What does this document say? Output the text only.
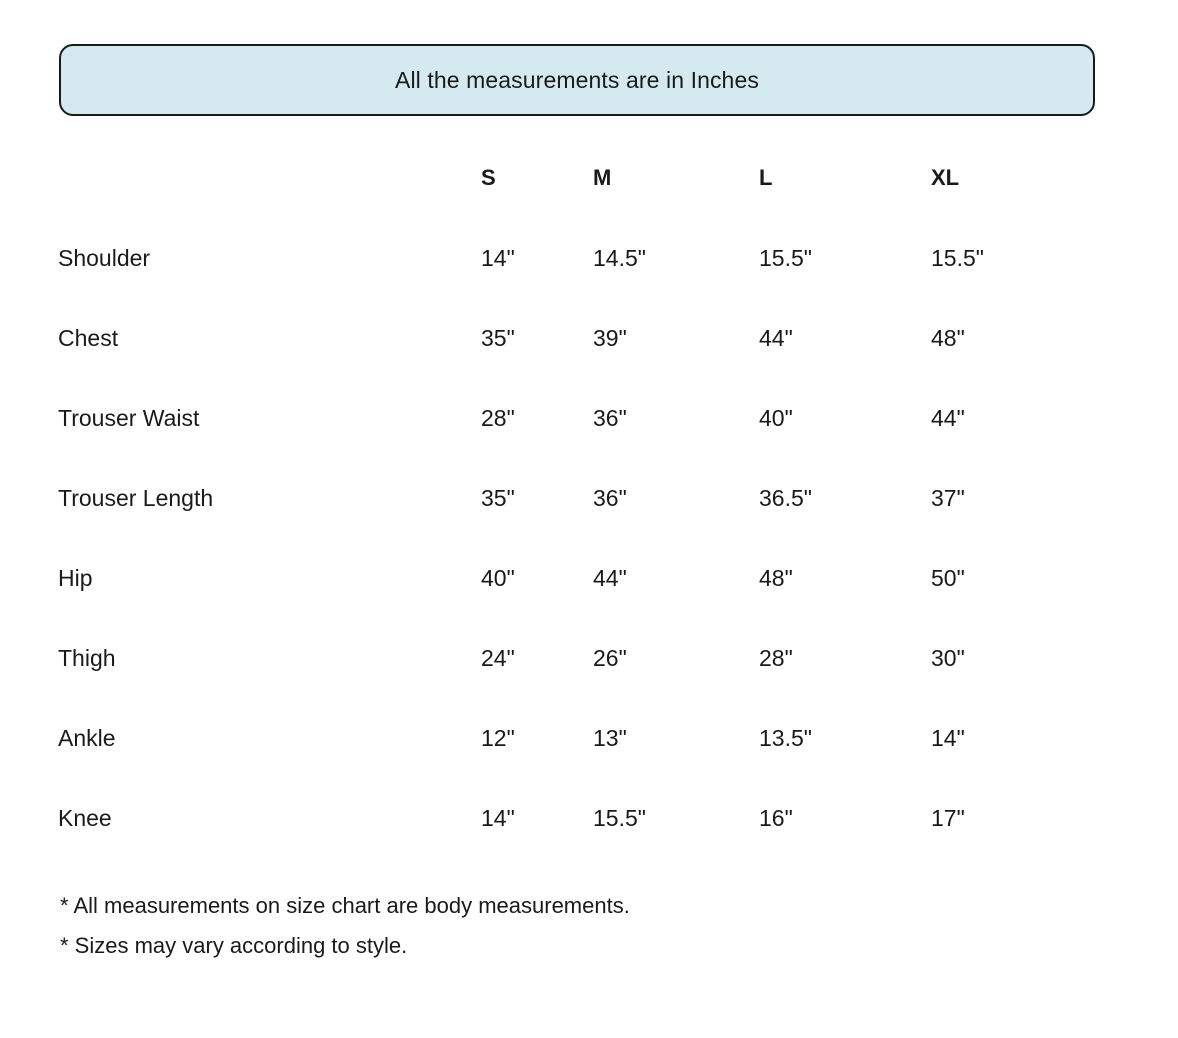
All the measurements are in Inches
	S	M	L	XL
Shoulder	14"	14.5"	15.5"	15.5"
Chest	35"	39"	44"	48"
Trouser Waist	28"	36"	40"	44"
Trouser Length	35"	36"	36.5"	37"
Hip	40"	44"	48"	50"
Thigh	24"	26"	28"	30"
Ankle	12"	13"	13.5"	14"
Knee	14"	15.5"	16"	17"
* All measurements on size chart are body measurements.
* Sizes may vary according to style.
